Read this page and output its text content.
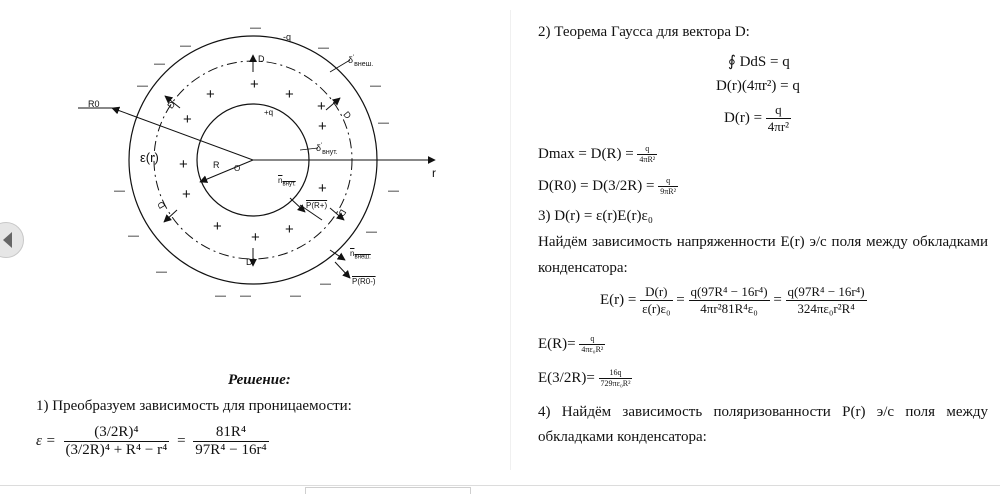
-q
+q
D
D
D
D
D
D
R0
ε(r)	R O	r
$\delta'_{внеш.}$
$\delta'_{внут.}$
$n_{внут.}$
P(R+)
$n_{внеш.}$
P(R0-)
+
+	+
+	+
+
+
+	+
+
+ +
—
—	—
—
—
—
—
—	—
—
—
—
— —	—
—
Решение:
1) Преобразуем зависимость для проницаемости:
$\varepsilon = \frac{\text{(3/2R)⁴}}{\text{(3/2R)⁴ + R⁴ − r⁴}} = \frac{\text{81R⁴}}{\text{97R⁴ − 16r⁴}}$
2) Теорема Гаусса для вектора D:
∮ DdS = q
D(r)(4πr²) = q
$D(r) = \frac{q}{\text{4πr²}}$
$Dmax = D(R) = \frac{q}{\text{4πR²}}$
$D(R0) = D(3/2R) = \frac{q}{\text{9πR²}}$
3) D(r) = ε(r)E(r)ε₀
Найдём зависимость напряженности E(r) э/с поля между обкладками
конденсатора:
$E(r) = \frac{D(r)}{\text{ε(r)ε₀}} = \frac{\text{q(97R⁴ − 16r⁴)}}{\text{4πr²81R⁴ε₀}} = \frac{\text{q(97R⁴ − 16r⁴)}}{\text{324πε₀r²R⁴}}$
$E(R)= \frac{q}{\text{4πε₀R²}}$
$E(3/2R)= \frac{16q}{\text{729πε₀R²}}$
4) Найдём зависимость поляризованности P(r) э/с поля между
обкладками конденсатора:
